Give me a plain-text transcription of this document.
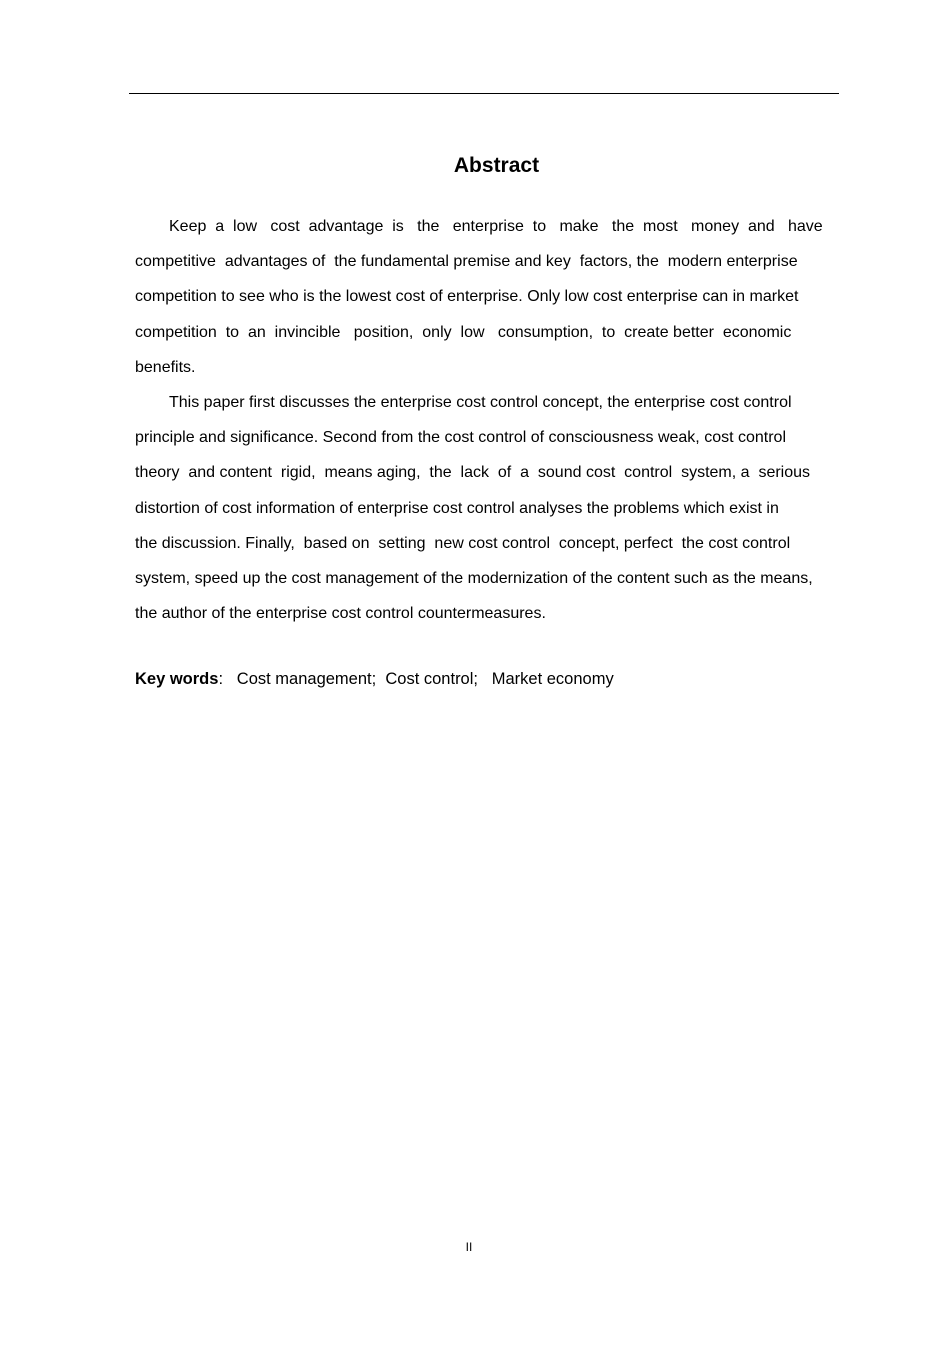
Abstract
Keep  a  low   cost  advantage  is   the   enterprise  to   make   the  most   money  and   have
competitive  advantages of  the fundamental premise and key  factors, the  modern enterprise
competition to see who is the lowest cost of enterprise. Only low cost enterprise can in market
competition  to  an  invincible   position,  only  low   consumption,  to  create better  economic
benefits.
This paper first discusses the enterprise cost control concept, the enterprise cost control
principle and significance. Second from the cost control of consciousness weak, cost control
theory  and content  rigid,  means aging,  the  lack  of  a  sound cost  control  system, a  serious
distortion of cost information of enterprise cost control analyses the problems which exist in
the discussion. Finally,  based on  setting  new cost control  concept, perfect  the cost control
system, speed up the cost management of the modernization of the content such as the means,
the author of the enterprise cost control countermeasures.
Key words:   Cost management;  Cost control;   Market economy
II
